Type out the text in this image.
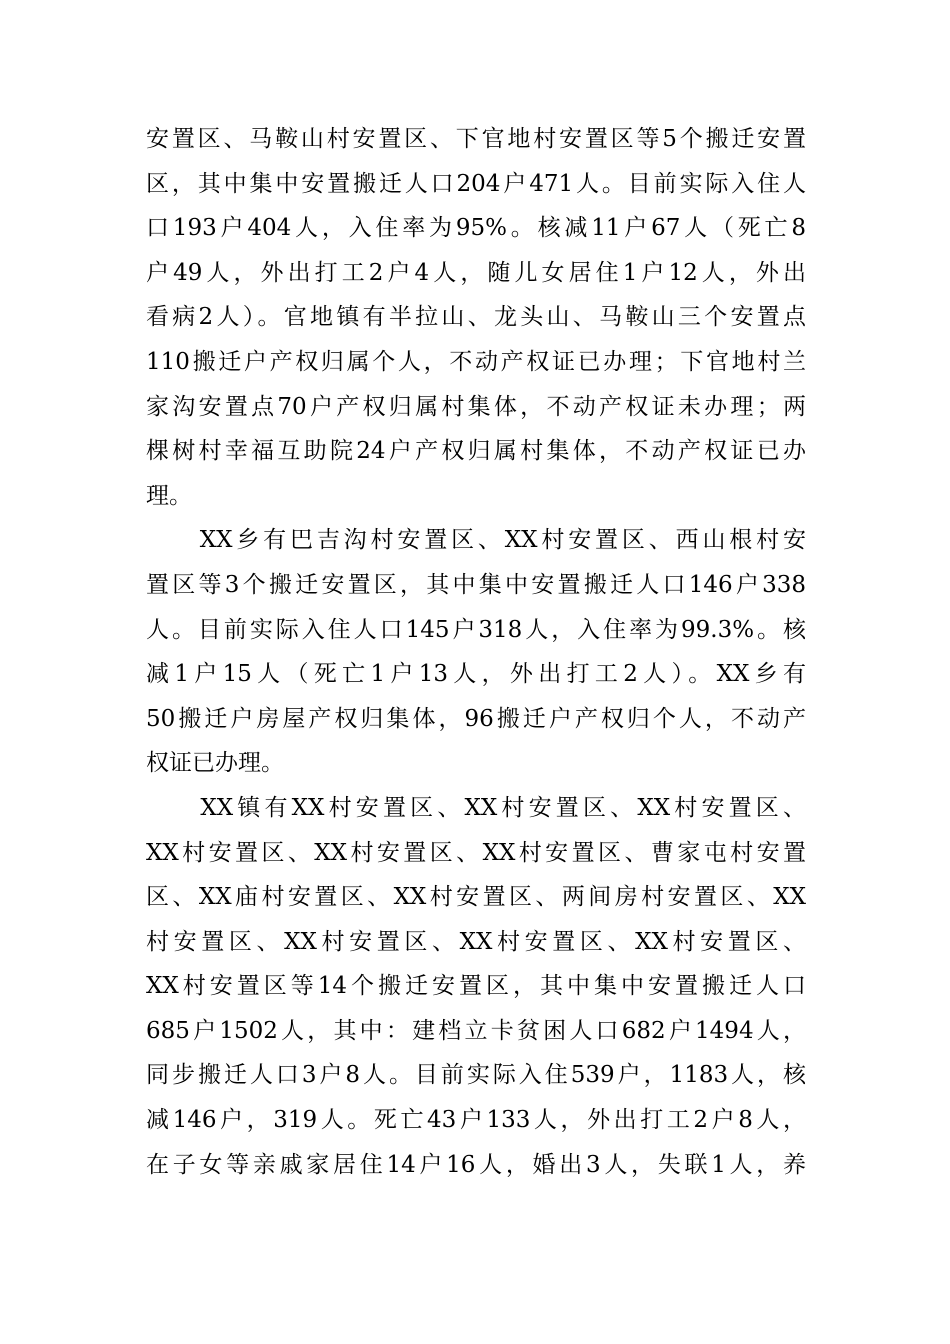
安置区、马鞍山村安置区、下官地村安置区等5个搬迁安置
区，其中集中安置搬迁人口204户471人。目前实际入住人
口193户404人，入住率为95%。核减11户67人（死亡8
户49人，外出打工2户4人，随儿女居住1户12人，外出
看病2人）。官地镇有半拉山、龙头山、马鞍山三个安置点
110搬迁户产权归属个人，不动产权证已办理；下官地村兰
家沟安置点70户产权归属村集体，不动产权证未办理；两
棵树村幸福互助院24户产权归属村集体，不动产权证已办
理。
　　XX乡有巴吉沟村安置区、XX村安置区、西山根村安
置区等3个搬迁安置区，其中集中安置搬迁人口146户338
人。目前实际入住人口145户318人，入住率为99.3%。核
减1户15人（死亡1户13人，外出打工2人）。XX乡有
50搬迁户房屋产权归集体，96搬迁户产权归个人，不动产
权证已办理。
　　XX镇有XX村安置区、XX村安置区、XX村安置区、
XX村安置区、XX村安置区、XX村安置区、曹家屯村安置
区、XX庙村安置区、XX村安置区、两间房村安置区、XX
村安置区、XX村安置区、XX村安置区、XX村安置区、
XX村安置区等14个搬迁安置区，其中集中安置搬迁人口
685户1502人，其中：建档立卡贫困人口682户1494人，
同步搬迁人口3户8人。目前实际入住539户，1183人，核
减146户，319人。死亡43户133人，外出打工2户8人，
在子女等亲戚家居住14户16人，婚出3人，失联1人，养
